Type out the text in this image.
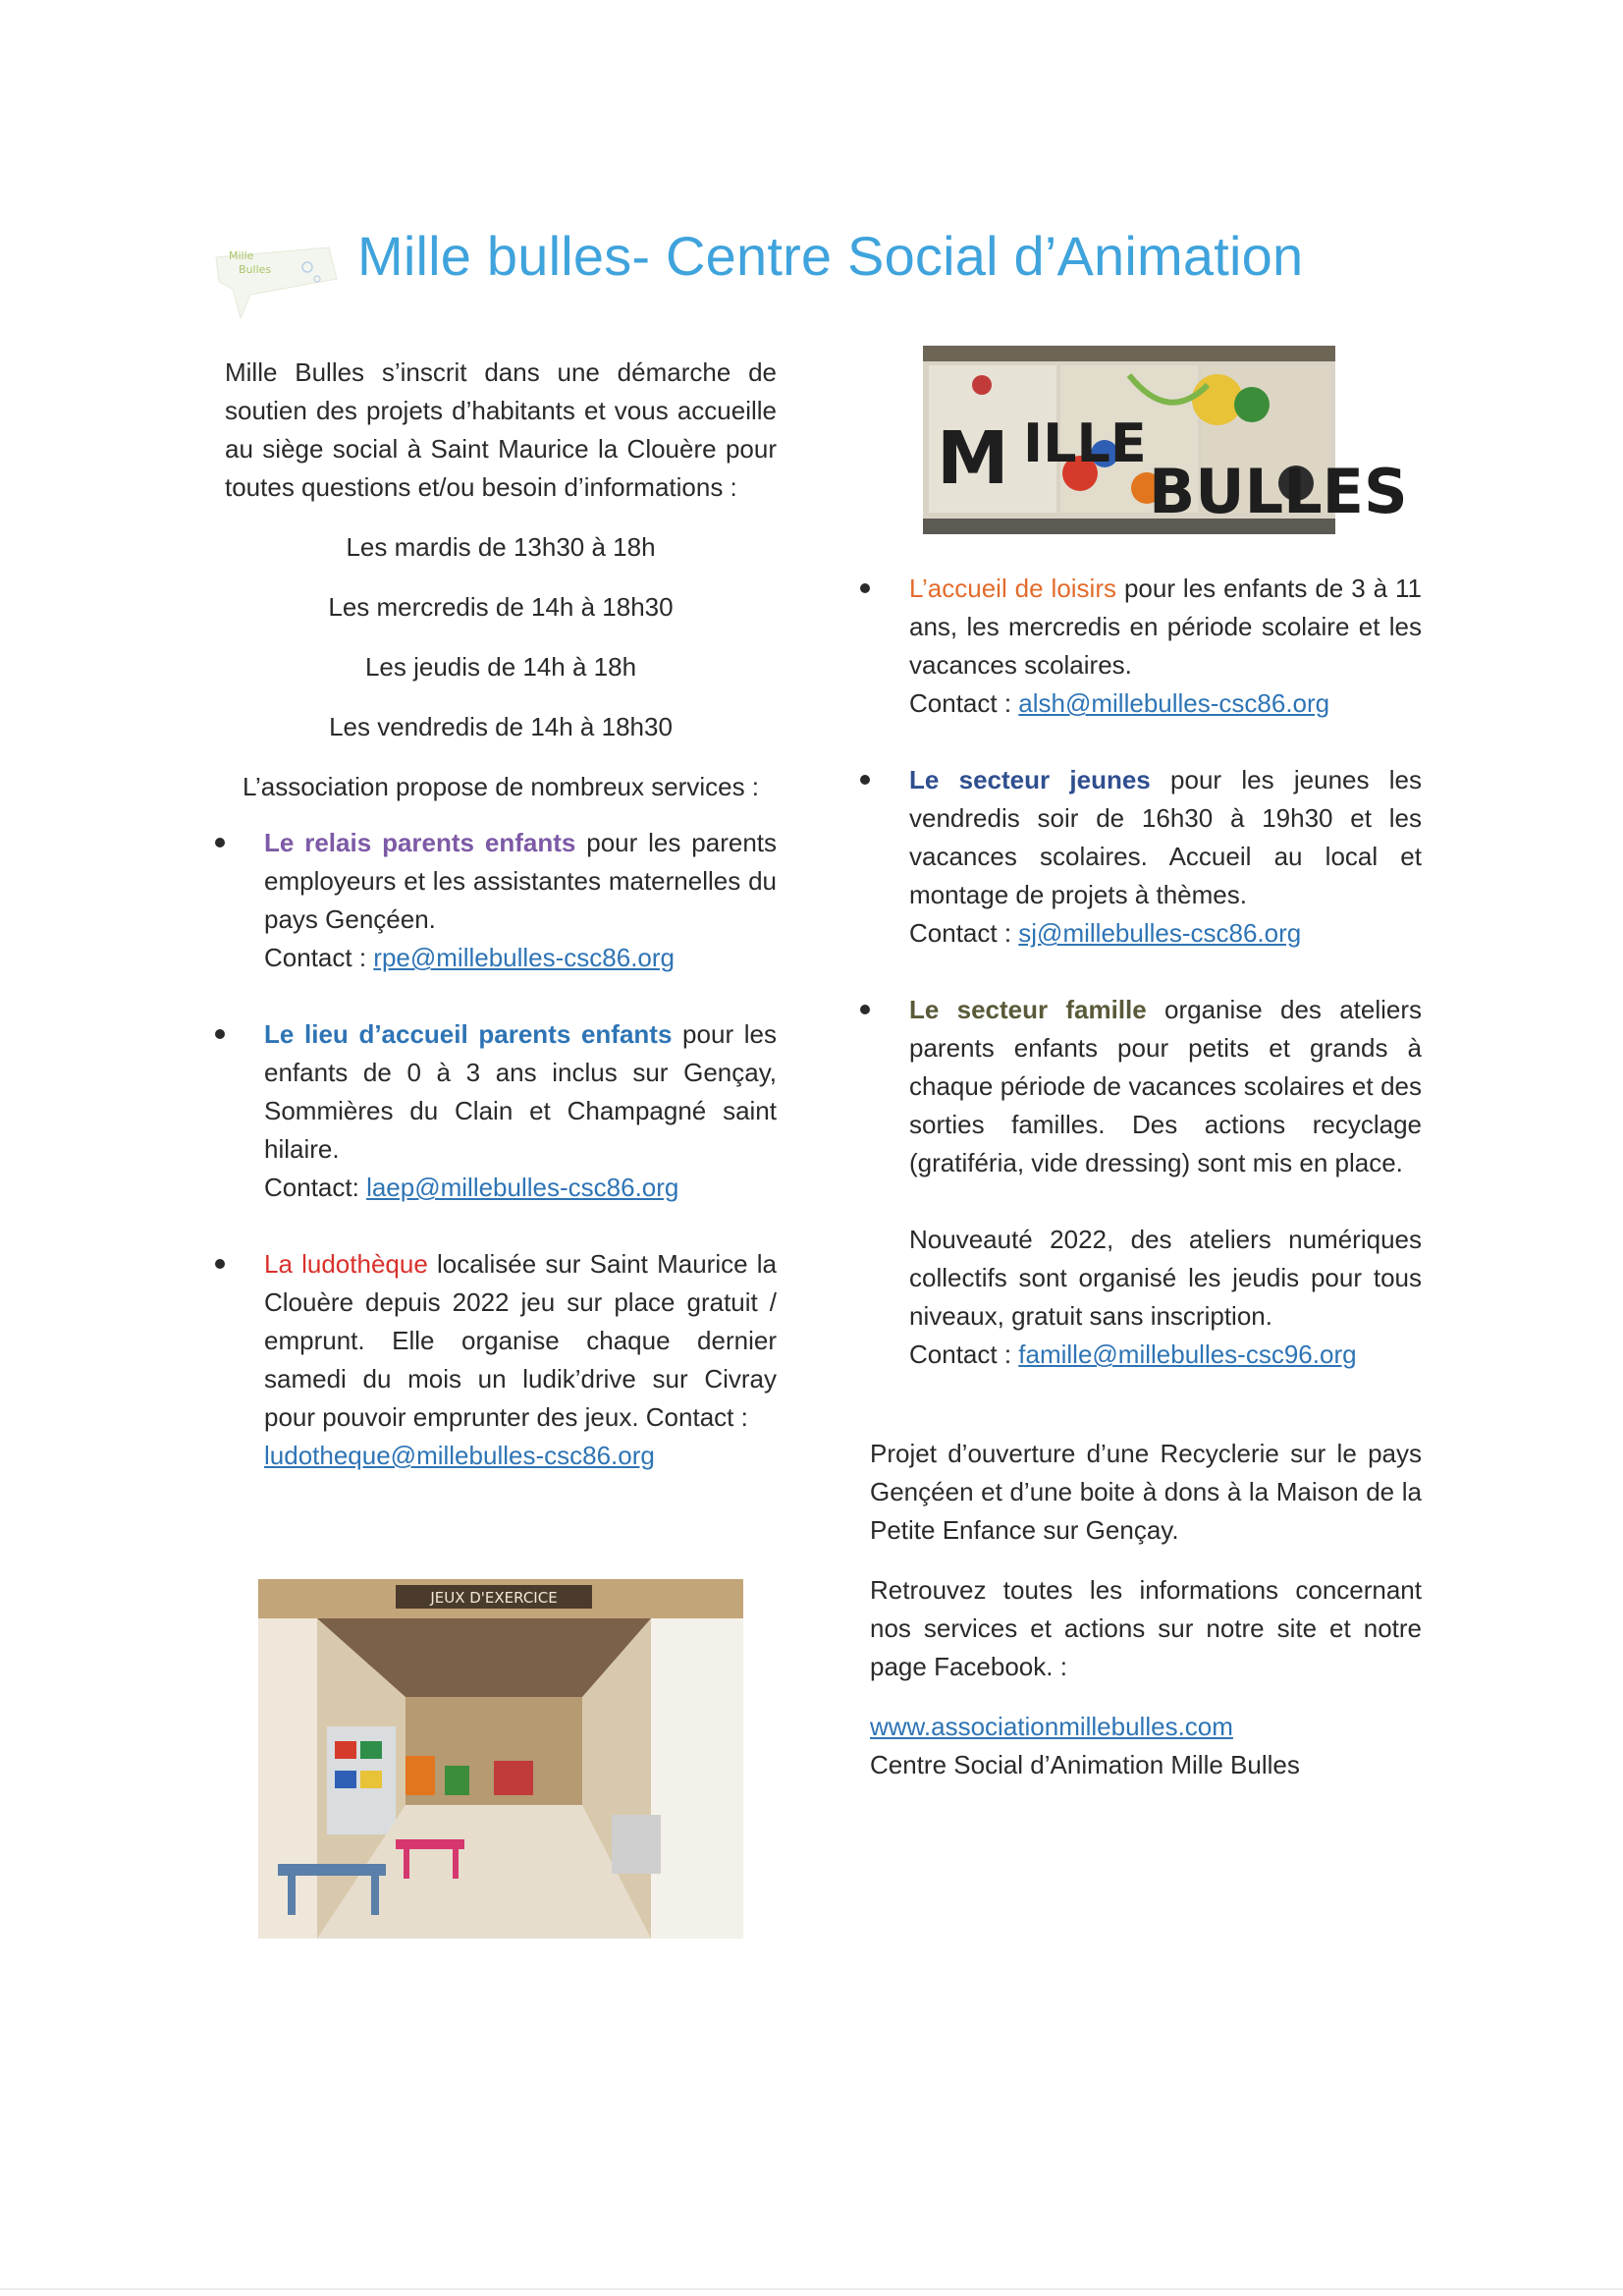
Mille
Bulles Mille bulles- Centre Social d’Animation
M ILLE
BULLES

Mille Bulles s’inscrit dans une démarche de soutien des projets d’habitants et vous accueille au siège social à Saint Maurice la Clouère pour toutes questions et/ou besoin d’informations :

Les mardis de 13h30 à 18h

Les mercredis de 14h à 18h30

Les jeudis de 14h à 18h

Les vendredis de 14h à 18h30

L’association propose de nombreux services :

Le relais parents enfants pour les parents employeurs et les assistantes maternelles du pays Gençéen.
Contact : rpe@millebulles-csc86.org
Le lieu d’accueil parents enfants pour les enfants de 0 à 3 ans inclus sur Gençay, Sommières du Clain et Champagné saint hilaire.
Contact: laep@millebulles-csc86.org
La ludothèque localisée sur Saint Maurice la Clouère depuis 2022 jeu sur place gratuit / emprunt. Elle organise chaque dernier samedi du mois un ludik’drive sur Civray pour pouvoir emprunter des jeux. Contact :
ludotheque@millebulles-csc86.org
JEUX D'EXERCICE
L’accueil de loisirs pour les enfants de 3 à 11 ans, les mercredis en période scolaire et les vacances scolaires.
Contact : alsh@millebulles-csc86.org
Le secteur jeunes pour les jeunes les vendredis soir de 16h30 à 19h30 et les vacances scolaires. Accueil au local et montage de projets à thèmes.
Contact : sj@millebulles-csc86.org
Le secteur famille organise des ateliers parents enfants pour petits et grands à chaque période de vacances scolaires et des sorties familles. Des actions recyclage (gratiféria, vide dressing) sont mis en place.
Nouveauté 2022, des ateliers numériques collectifs sont organisé les jeudis pour tous niveaux, gratuit sans inscription.
Contact : famille@millebulles-csc96.org

Projet d’ouverture d’une Recyclerie sur le pays Gençéen et d’une boite à dons à la Maison de la Petite Enfance sur Gençay.

Retrouvez toutes les informations concernant nos services et actions sur notre site et notre page Facebook. :

www.associationmillebulles.com
Centre Social d’Animation Mille Bulles
